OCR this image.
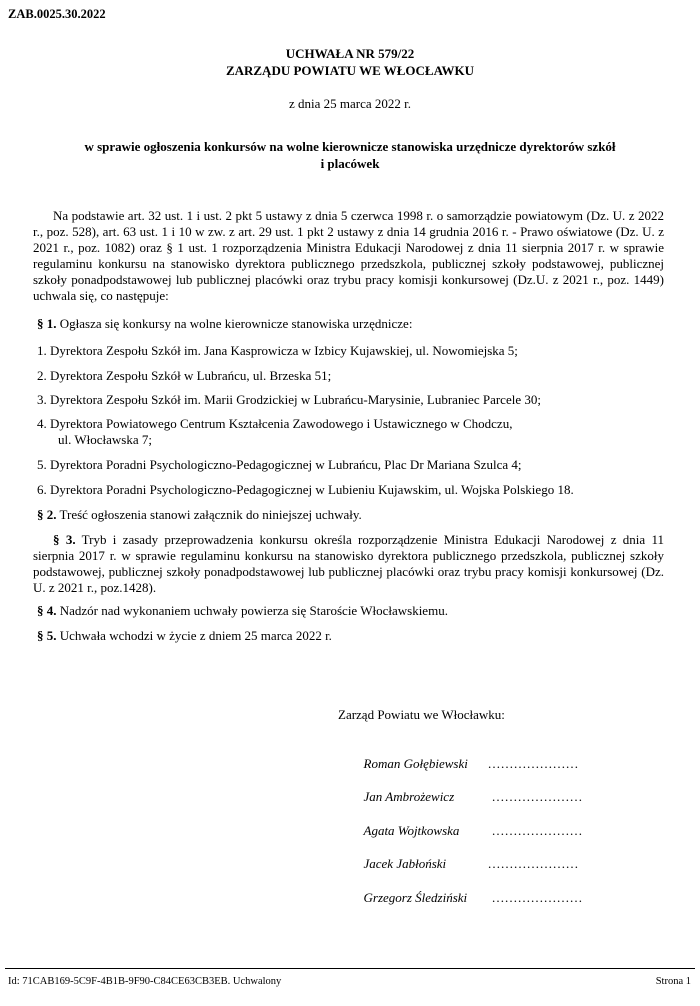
ZAB.0025.30.2022
UCHWAŁA NR 579/22
ZARZĄDU POWIATU WE WŁOCŁAWKU
z dnia 25 marca 2022 r.
w sprawie ogłoszenia konkursów na wolne kierownicze stanowiska urzędnicze dyrektorów szkół
i placówek
Na podstawie art. 32 ust. 1 i ust. 2 pkt 5 ustawy z dnia 5 czerwca 1998 r. o samorządzie powiatowym (Dz. U. z 2022 r., poz. 528), art. 63 ust. 1 i 10 w zw. z art. 29 ust. 1 pkt 2 ustawy z dnia 14 grudnia 2016 r. - Prawo oświatowe (Dz. U. z 2021 r., poz. 1082) oraz § 1 ust. 1 rozporządzenia Ministra Edukacji Narodowej z dnia 11 sierpnia 2017 r. w sprawie regulaminu konkursu na stanowisko dyrektora publicznego przedszkola, publicznej szkoły podstawowej, publicznej szkoły ponadpodstawowej lub publicznej placówki oraz trybu pracy komisji konkursowej (Dz.U. z 2021 r., poz. 1449) uchwala się, co następuje:
§ 1. Ogłasza się konkursy na wolne kierownicze stanowiska urzędnicze:
1. Dyrektora Zespołu Szkół im. Jana Kasprowicza w Izbicy Kujawskiej, ul. Nowomiejska 5;
2. Dyrektora Zespołu Szkół w Lubrańcu, ul. Brzeska 51;
3. Dyrektora Zespołu Szkół im. Marii Grodzickiej w Lubrańcu-Marysinie, Lubraniec Parcele 30;
4. Dyrektora Powiatowego Centrum Kształcenia Zawodowego i Ustawicznego w Chodczu,
ul. Włocławska 7;
5. Dyrektora Poradni Psychologiczno-Pedagogicznej w Lubrańcu, Plac Dr Mariana Szulca 4;
6. Dyrektora Poradni Psychologiczno-Pedagogicznej w Lubieniu Kujawskim, ul. Wojska Polskiego 18.
§ 2. Treść ogłoszenia stanowi załącznik do niniejszej uchwały.
§ 3. Tryb i zasady przeprowadzenia konkursu określa rozporządzenie Ministra Edukacji Narodowej z dnia 11 sierpnia 2017 r. w sprawie regulaminu konkursu na stanowisko dyrektora publicznego przedszkola, publicznej szkoły podstawowej, publicznej szkoły ponadpodstawowej lub publicznej placówki oraz trybu pracy komisji konkursowej (Dz. U. z 2021 r., poz.1428).
§ 4. Nadzór nad wykonaniem uchwały powierza się Staroście Włocławskiemu.
§ 5. Uchwała wchodzi w życie z dniem 25 marca 2022 r.
Zarząd Powiatu we Włocławku:

Roman Gołębiewski …………………

Jan Ambrożewicz	…………………

Agata Wojtkowska …………………

Jacek Jabłoński	…………………

Grzegorz Śledziński …………………

Id: 71CAB169-5C9F-4B1B-9F90-C84CE63CB3EB. Uchwalony	Strona 1
